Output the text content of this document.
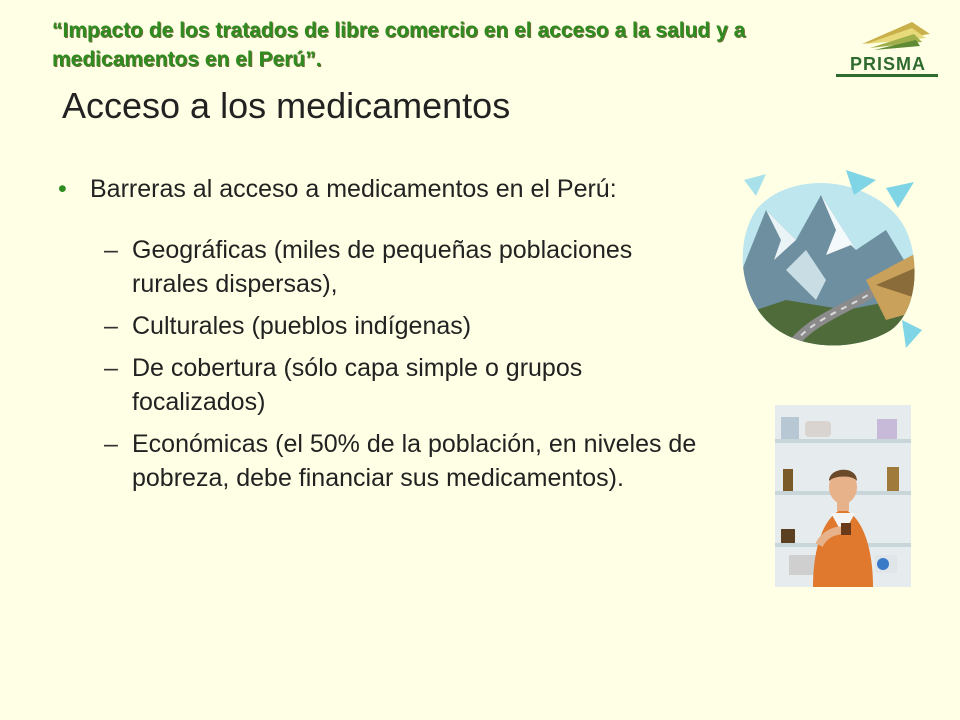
“Impacto de los tratados de libre comercio en el acceso a la salud y a medicamentos en el Perú”.	PRISMA
Acceso a los medicamentos
• Barreras al acceso a medicamentos en el Perú:
– Geográficas (miles de pequeñas poblaciones rurales dispersas),
– Culturales (pueblos indígenas)
– De cobertura (sólo capa simple o grupos focalizados)
– Económicas (el 50% de la población, en niveles de pobreza, debe financiar sus medicamentos).
